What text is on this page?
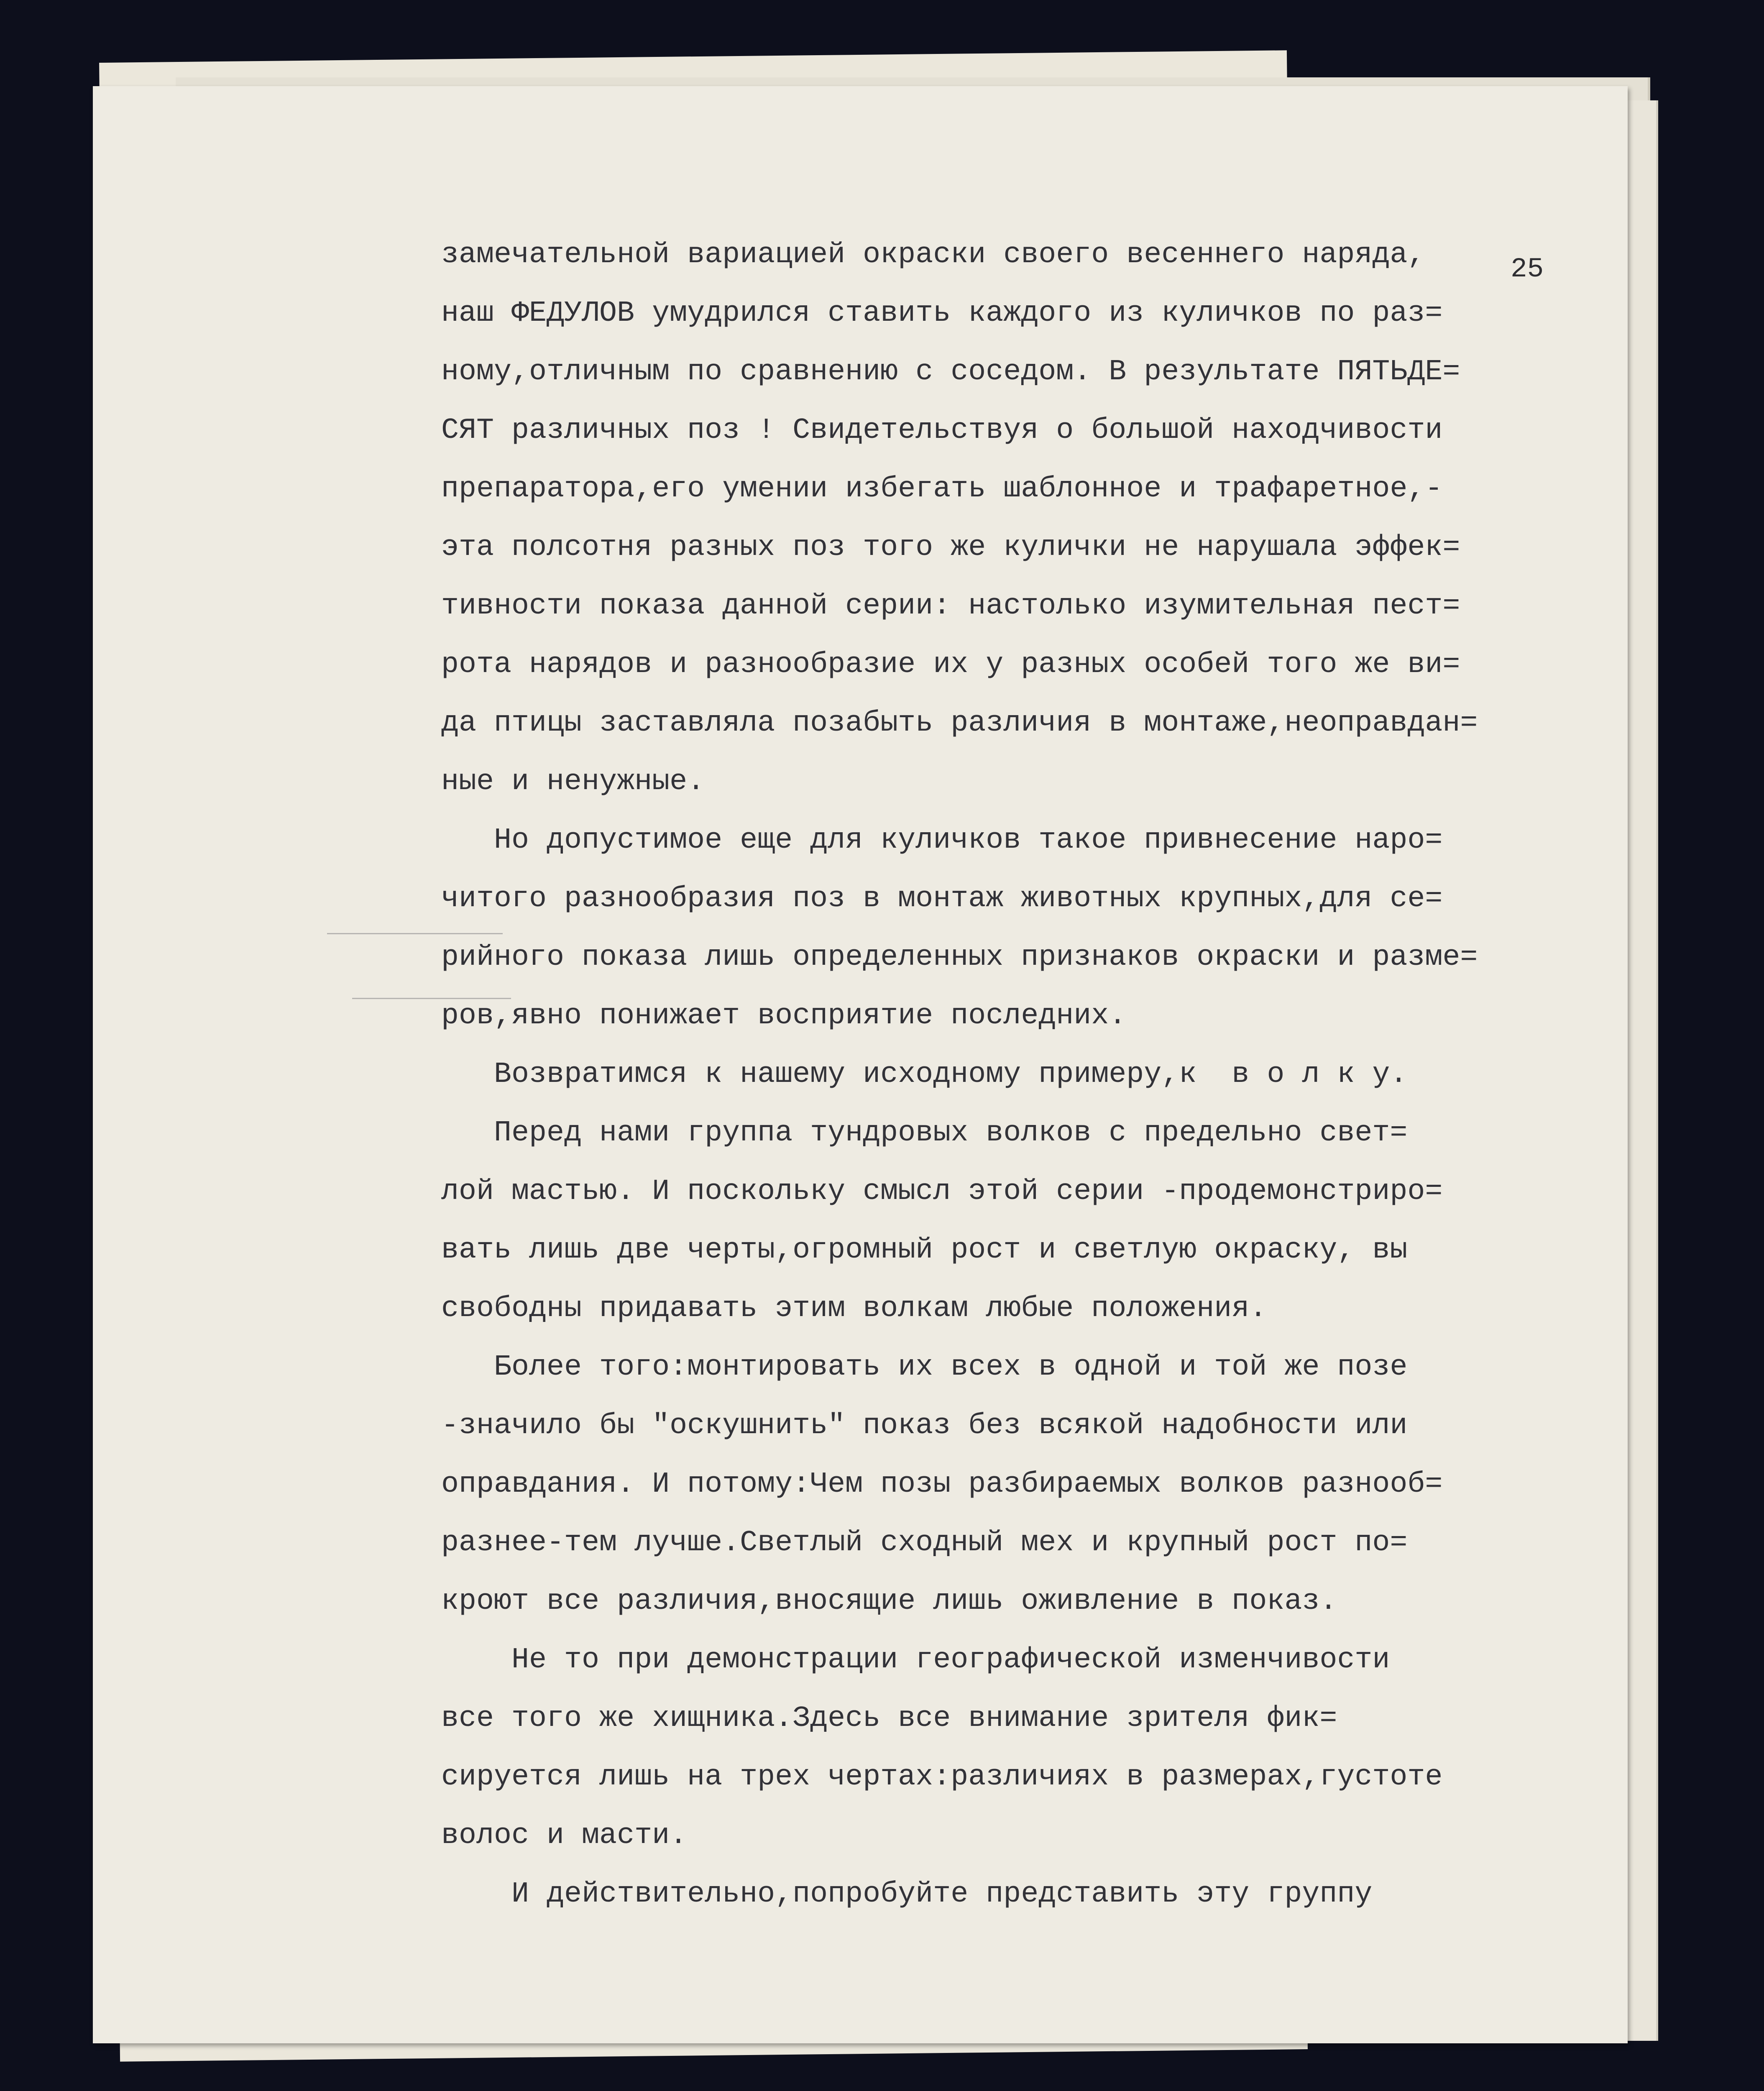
25

замечательной вариацией окраски своего весеннего наряда,

наш ФЕДУЛОВ умудрился ставить каждого из куличков по раз=

ному,отличным по сравнению с соседом. В результате ПЯТЬДЕ=

СЯТ различных поз ! Свидетельствуя о большой находчивости

препаратора,его умении избегать шаблонное и трафаретное,-

эта полсотня разных поз того же кулички не нарушала эффек=

тивности показа данной серии: настолько изумительная пест=

рота нарядов и разнообразие их у разных особей того же ви=

да птицы заставляла позабыть различия в монтаже,неоправдан=

ные и ненужные.

Но допустимое еще для куличков такое привнесение наро=

читого разнообразия поз в монтаж животных крупных,для се=

рийного показа лишь определенных признаков окраски и разме=

ров,явно понижает восприятие последних.

Возвратимся к нашему исходному примеру,к  в о л к у.

Перед нами группа тундровых волков с предельно свет=

лой мастью. И поскольку смысл этой серии -продемонстриро=

вать лишь две черты,огромный рост и светлую окраску, вы

свободны придавать этим волкам любые положения.

Более того:монтировать их всех в одной и той же позе

-значило бы "оскушнить" показ без всякой надобности или

оправдания. И потому:Чем позы разбираемых волков разнооб=

разнее-тем лучше.Светлый сходный мех и крупный рост по=

кроют все различия,вносящие лишь оживление в показ.

Не то при демонстрации географической изменчивости

все того же хищника.Здесь все внимание зрителя фик=

сируется лишь на трех чертах:различиях в размерах,густоте

волос и масти.

И действительно,попробуйте представить эту группу
